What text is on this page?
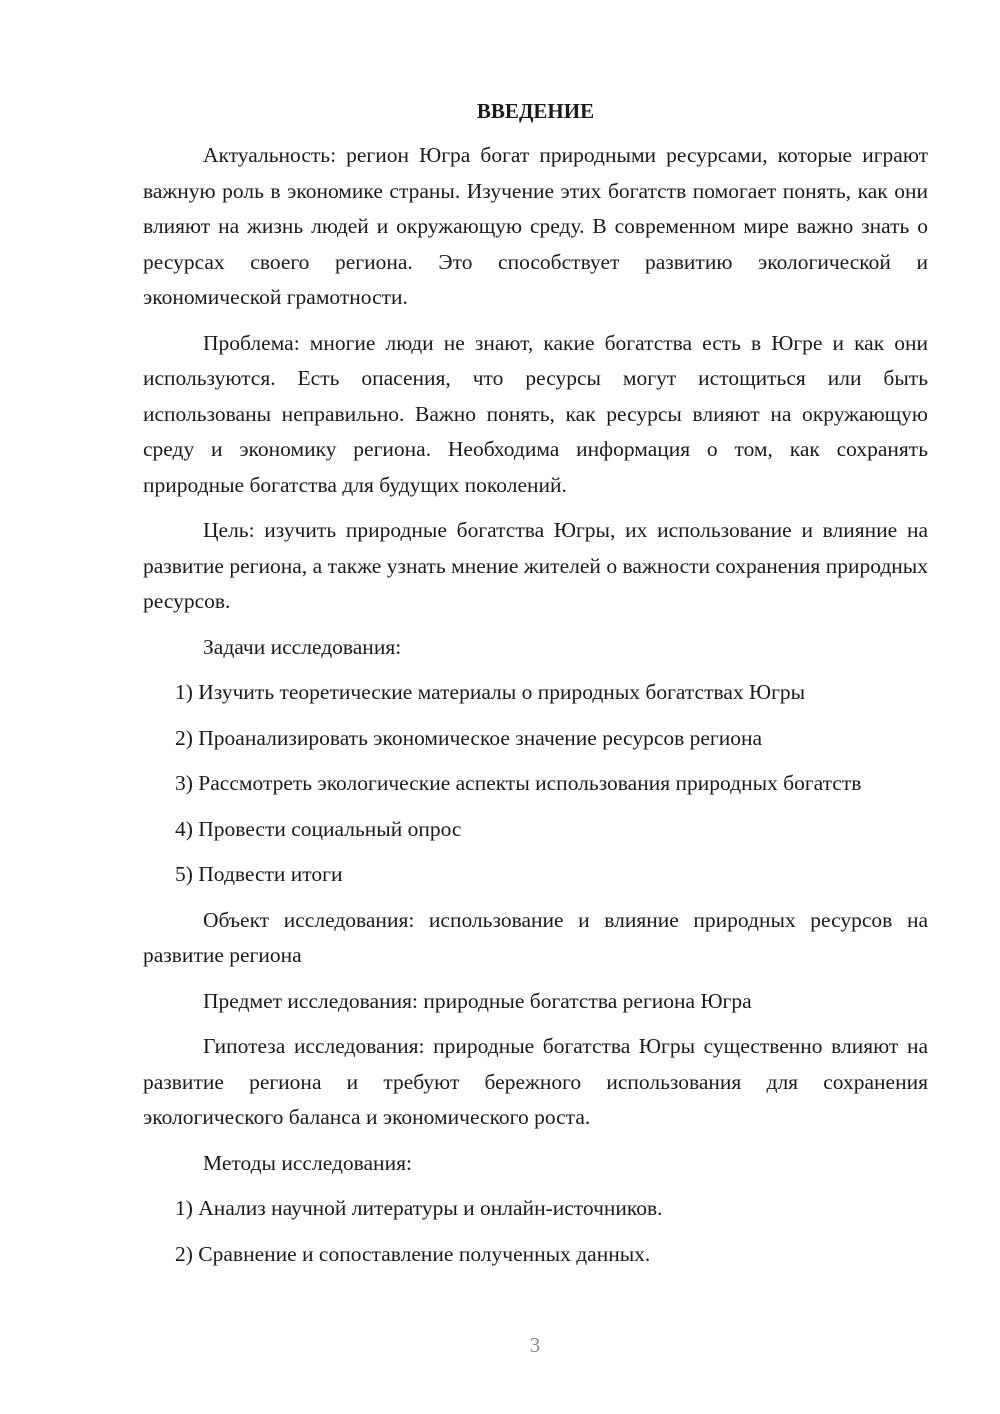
ВВЕДЕНИЕ

Актуальность: регион Югра богат природными ресурсами, которые играют важную роль в экономике страны. Изучение этих богатств помогает понять, как они влияют на жизнь людей и окружающую среду. В современном мире важно знать о ресурсах своего региона. Это способствует развитию экологической и экономической грамотности.

Проблема: многие люди не знают, какие богатства есть в Югре и как они используются. Есть опасения, что ресурсы могут истощиться или быть использованы неправильно. Важно понять, как ресурсы влияют на окружающую среду и экономику региона. Необходима информация о том, как сохранять природные богатства для будущих поколений.

Цель: изучить природные богатства Югры, их использование и влияние на развитие региона, а также узнать мнение жителей о важности сохранения природных ресурсов.

Задачи исследования:

1) Изучить теоретические материалы о природных богатствах Югры

2) Проанализировать экономическое значение ресурсов региона

3) Рассмотреть экологические аспекты использования природных богатств

4) Провести социальный опрос

5) Подвести итоги

Объект исследования: использование и влияние природных ресурсов на развитие региона

Предмет исследования: природные богатства региона Югра

Гипотеза исследования: природные богатства Югры существенно влияют на развитие региона и требуют бережного использования для сохранения экологического баланса и экономического роста.

Методы исследования:

1) Анализ научной литературы и онлайн-источников.

2) Сравнение и сопоставление полученных данных.

3
